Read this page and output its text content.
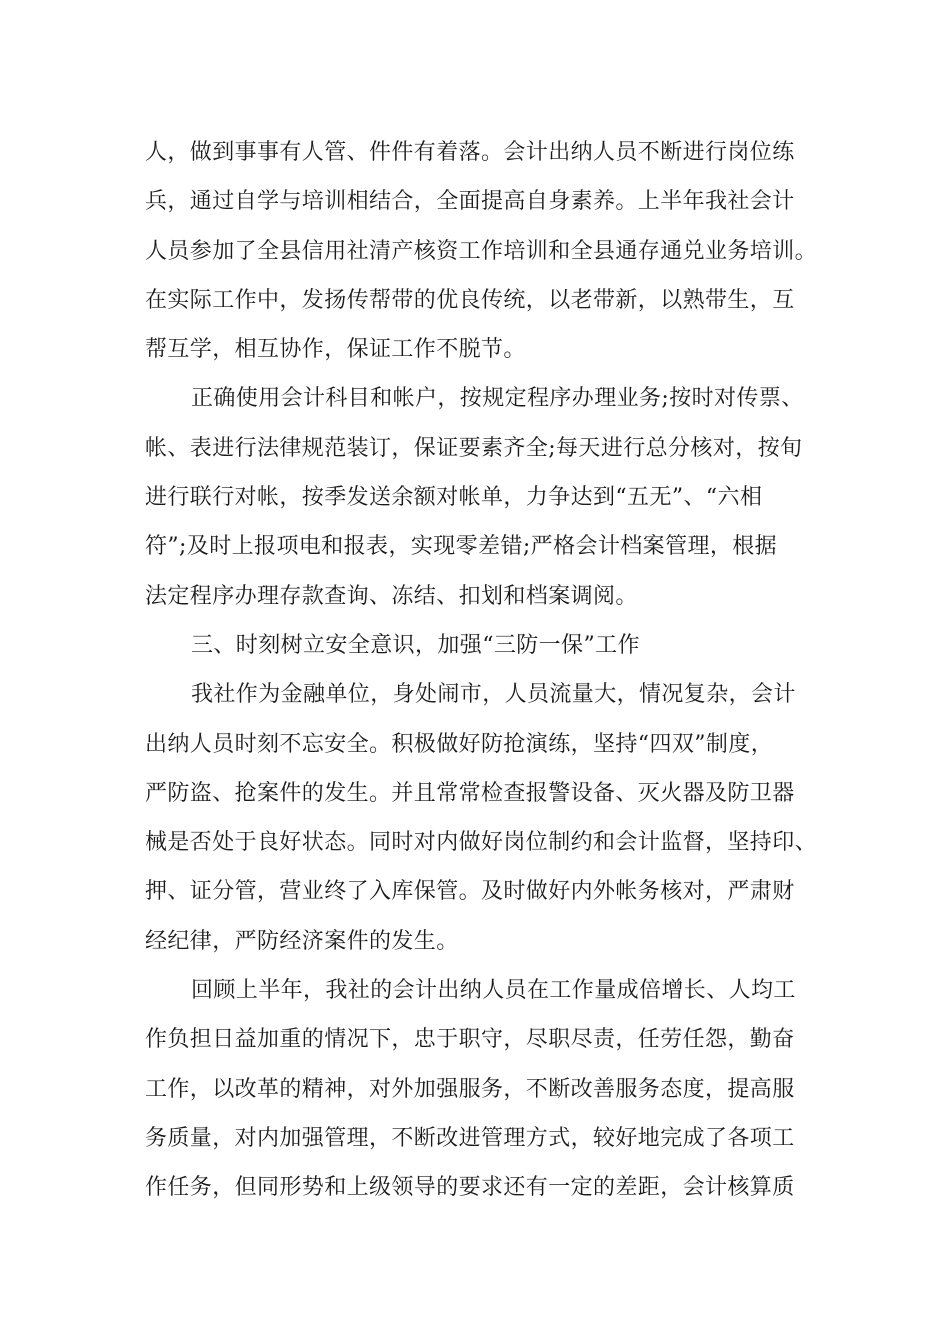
人，做到事事有人管、件件有着落。会计出纳人员不断进行岗位练
兵，通过自学与培训相结合，全面提高自身素养。上半年我社会计
人员参加了全县信用社清产核资工作培训和全县通存通兑业务培训。
在实际工作中，发扬传帮带的优良传统，以老带新，以熟带生，互
帮互学，相互协作，保证工作不脱节。
正确使用会计科目和帐户，按规定程序办理业务;按时对传票、
帐、表进行法律规范装订，保证要素齐全;每天进行总分核对，按旬
进行联行对帐，按季发送余额对帐单，力争达到“五无”、“六相
符”;及时上报项电和报表，实现零差错;严格会计档案管理，根据
法定程序办理存款查询、冻结、扣划和档案调阅。
三、时刻树立安全意识，加强“三防一保”工作
我社作为金融单位，身处闹市，人员流量大，情况复杂，会计
出纳人员时刻不忘安全。积极做好防抢演练，坚持“四双”制度，
严防盗、抢案件的发生。并且常常检查报警设备、灭火器及防卫器
械是否处于良好状态。同时对内做好岗位制约和会计监督，坚持印、
押、证分管，营业终了入库保管。及时做好内外帐务核对，严肃财
经纪律，严防经济案件的发生。
回顾上半年，我社的会计出纳人员在工作量成倍增长、人均工
作负担日益加重的情况下，忠于职守，尽职尽责，任劳任怨，勤奋
工作，以改革的精神，对外加强服务，不断改善服务态度，提高服
务质量，对内加强管理，不断改进管理方式，较好地完成了各项工
作任务，但同形势和上级领导的要求还有一定的差距，会计核算质
